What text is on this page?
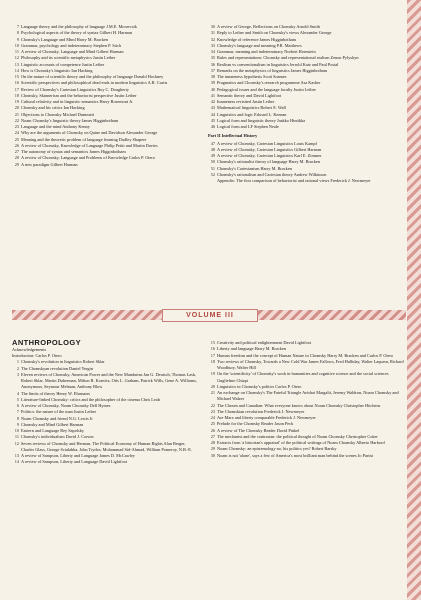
7 Language theory and the philosophy of language J.M.E. Moravcsik
8 Psychological aspects of the theory of syntax Gilbert H. Harman
9 Chomsky's Language and Mind Harry M. Bracken
10 Grammar, psychology and indeterminacy Stephen P. Stich
11 A review of Chomsky, Language and Mind Gilbert Harman
12 Philosophy and its scientific metaphysics Justin Leiber
13 Linguistic accounts of competence Justin Leiber
14 How is Chomsky's linguistic Ian Hacking
15 On the nature of scientific theory and the philosophy of language Donald Hockney
16 Scientific perspectives and philosophical dead ends in modern linguistics A.R. Curtis
17 Review of Chomsky's Cartesian Linguistics Roy C. Dougherty
18 Chomsky, Skinnerism and the behaviorist perspective Justin Leiber
19 Cultural relativity and in linguistic semantics Harry Rosemont Jr.
20 Chomsky and his critics Ian Hacking
21 Objections to Chomsky Michael Dummett
22 Noam Chomsky's linguistic theory James Higginbotham
23 Language and the mind Anthony Kenny
24 Why are the arguments of Chomsky on Quine and Davidson Alexander George
25 Meaning and the theoretic problem of language learning Dudley Shapere
26 A review of Chomsky, Knowledge of Language Philip Pettit and Martin Davies
27 The autonomy of syntax and semantics James Higginbotham
28 A review of Chomsky, Language and Problems of Knowledge Carlos P. Otero
29 A new paradigm Gilbert Harman
30 A review of George, Reflections on Chomsky Arnold Smith
31 Reply to Leiber and Smith on Chomsky's views Alexander George
32 Knowledge of reference James Higginbotham
33 Chomsky's language and meaning P.R. Matthews
34 Grammar, meaning and indeterminacy Norbert Hornstein
35 Rules and representations: Chomsky and representational realism Zenon Pylyshyn
36 Realism vs conventionalism in linguistics Jerrold Katz and Paul Postal
37 Remarks on the metaphysics of linguistics James Higginbotham
38 The innateness hypothesis Scott Soames
39 Pragmatics and Chomsky's research programme Asa Kasher
40 Pedagogical issues and the language faculty Justin Leiber
41 Semantic theory and David Lightfoot
42 Innateness revisited Justin Leiber
43 Mathematical linguistics Robert E. Wall
44 Linguistics and logic Edward L. Keenan
45 Logical form and linguistic theory Jaakko Hintikka
46 Logical form and LF Stephen Neale
Part II Intellectual History
47 A review of Chomsky, Cartesian Linguistics Louis Kampf
48 A review of Chomsky, Cartesian Linguistics Gilbert Harman
49 A review of Chomsky, Cartesian Linguistics Karl E. Zimmer
50 Chomsky's rationalist theory of language Harry M. Bracken
51 Chomsky's Cartesianism Harry M. Bracken
52 Chomsky's rationalism and Cartesian theory Andrew Wilkinson
Appendix: The first comparison of behaviorist and rational views Frederick J. Newmeyer
VOLUME III
ANTHROPOLOGY
Acknowledgements
Introduction: Carlos P. Otero
1 Chomsky's revolution in linguistics Robert Sklar
2 The Chomskyan revolution Daniel Yergin
3 Eleven reviews of Chomsky, American Power and the New Mandarins Jan G. Deutsch, Thomas Lask, Robert Sklar, Martin Duberman, Milton R. Konvitz, Otis L. Graham, Patrick Wills, Gene A. Williams, Anonymous, Seymour Melman, Anthony Blow
4 The limits of theory Henry W. Ehrmann
5 Literature-linked Chomsky: critics and the philosopher of the cinema Chris Leah
6 A review of Chomsky, Noam Chomsky Dell Hymes
7 Politics: the nature of the man Justin Leiber
8 Noam Chomsky and friend N.G. Lewis Jr
9 Chomsky and Mind Gilbert Harman
10 Eastern and Language Rey Sapolsky
11 Chomsky's individualism David J. Corson
12 Seven reviews of Chomsky and Herman, The Political Economy of Human Rights Alan Berger, Charles Glass, George Scialabba, John Trydos, Mohammad Sid-Ahmad, William Pomeroy, N.B.-E.
13 A review of Sampson, Liberty and Language James D. McCawley
14 A review of Sampson, Liberty and Language David Lightfoot
15 Creativity and political enlightenment David Lightfoot
16 Liberty and language Harry M. Bracken
17 Human freedom and the concept of Human Nature in Chomsky Harry M. Bracken and Carlos P. Otero
18 Two reviews of Chomsky, Towards a New Cold War James Fallows, Fred Halliday, Walter Laqueur, Richard Woodbury, Walter Hill
19 On the 'scientificity' of Chomsky's work in humanities and cognitive science and the social sciences Guglielmo Chiapi
20 Linguistics in Chomsky's politics Carlos P. Otero
21 An exchange on Chomsky's The Fateful Triangle Avishai Margalit, Jeremy Waldron, Noam Chomsky and Michael Walzer
22 The Chosen and Canadian: What everyone knows about Noam Chomsky Christopher Hitchens
23 The Chomskian revolution Frederick J. Newmeyer
24 Are Marx and liberty comparable Frederick J. Newmeyer
25 Prelude for the Chomsky Reader Jason Peck
26 A review of The Chomsky Reader David Pinkel
27 The mechanist and the contrarian: the political thought of Noam Chomsky Christopher Coker
28 Extracts from 'a historian's appraisal' of the political writings of Noam Chomsky Alberto Harbord
29 Noam Chomsky: an epistemology no, his politics yes? Robert Barsky
30 Noam is not 'alone', says a few of America's most brilliant man behind the scenes Jo Parini
